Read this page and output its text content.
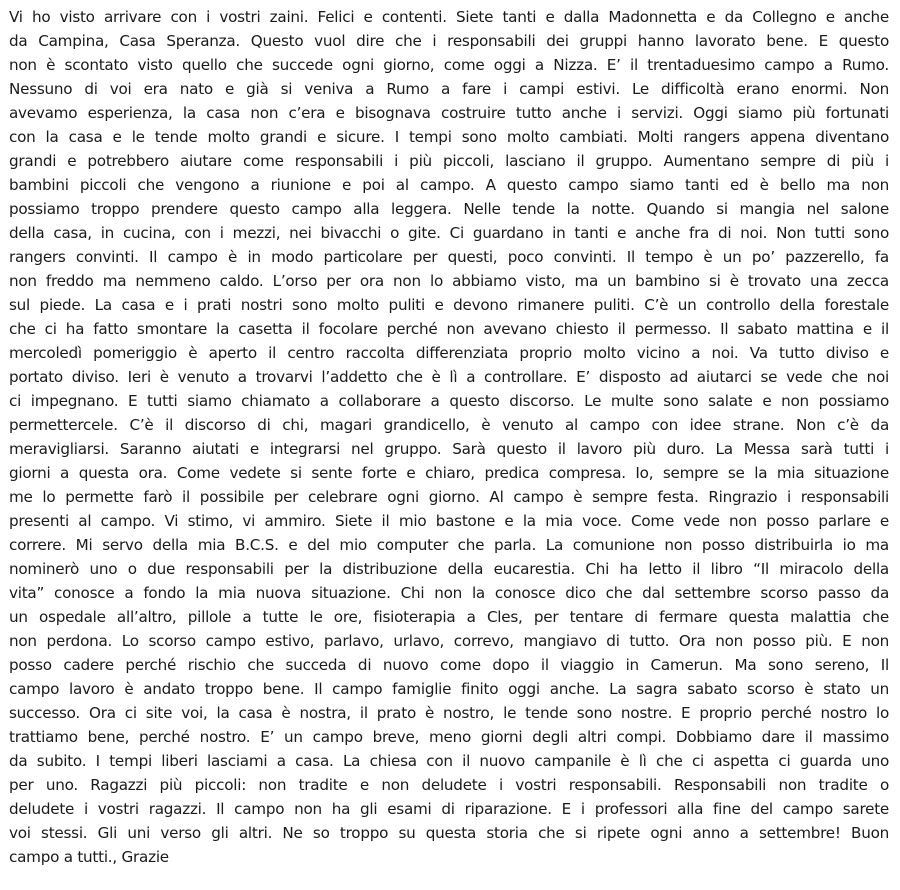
Vi ho visto arrivare con i vostri zaini. Felici e contenti. Siete tanti e dalla Madonnetta e da Collegno e anche
da Campina, Casa Speranza. Questo vuol dire che i responsabili dei gruppi hanno lavorato bene. E questo
non è scontato visto quello che succede ogni giorno, come oggi a Nizza. E’ il trentaduesimo campo a Rumo.
Nessuno di voi era nato e già si veniva a Rumo a fare i campi estivi. Le difficoltà erano enormi. Non
avevamo esperienza, la casa non c’era e bisognava costruire tutto anche i servizi. Oggi siamo più fortunati
con la casa e le tende molto grandi e sicure. I tempi sono molto cambiati. Molti rangers appena diventano
grandi e potrebbero aiutare come responsabili i più piccoli, lasciano il gruppo. Aumentano sempre di più i
bambini piccoli che vengono a riunione e poi al campo. A questo campo siamo tanti ed è bello ma non
possiamo troppo prendere questo campo alla leggera. Nelle tende la notte. Quando si mangia nel salone
della casa, in cucina, con i mezzi, nei bivacchi o gite. Ci guardano in tanti e anche fra di noi. Non tutti sono
rangers convinti. Il campo è in modo particolare per questi, poco convinti. Il tempo è un po’ pazzerello, fa
non freddo ma nemmeno caldo. L’orso per ora non lo abbiamo visto, ma un bambino si è trovato una zecca
sul piede. La casa e i prati nostri sono molto puliti e devono rimanere puliti. C’è un controllo della forestale
che ci ha fatto smontare la casetta il focolare perché non avevano chiesto il permesso. Il sabato mattina e il
mercoledì pomeriggio è aperto il centro raccolta differenziata proprio molto vicino a noi. Va tutto diviso e
portato diviso. Ieri è venuto a trovarvi l’addetto che è lì a controllare. E’ disposto ad aiutarci se vede che noi
ci impegnano. E tutti siamo chiamato a collaborare a questo discorso. Le multe sono salate e non possiamo
permettercele. C’è il discorso di chi, magari grandicello, è venuto al campo con idee strane. Non c’è da
meravigliarsi. Saranno aiutati e integrarsi nel gruppo. Sarà questo il lavoro più duro. La Messa sarà tutti i
giorni a questa ora. Come vedete si sente forte e chiaro, predica compresa. Io, sempre se la mia situazione
me lo permette farò il possibile per celebrare ogni giorno. Al campo è sempre festa. Ringrazio i responsabili
presenti al campo. Vi stimo, vi ammiro. Siete il mio bastone e la mia voce. Come vede non posso parlare e
correre. Mi servo della mia B.C.S. e del mio computer che parla. La comunione non posso distribuirla io ma
nominerò uno o due responsabili per la distribuzione della eucarestia. Chi ha letto il libro “Il miracolo della
vita” conosce a fondo la mia nuova situazione. Chi non la conosce dico che dal settembre scorso passo da
un ospedale all’altro, pillole a tutte le ore, fisioterapia a Cles, per tentare di fermare questa malattia che
non perdona. Lo scorso campo estivo, parlavo, urlavo, correvo, mangiavo di tutto. Ora non posso più. E non
posso cadere perché rischio che succeda di nuovo come dopo il viaggio in Camerun. Ma sono sereno, Il
campo lavoro è andato troppo bene. Il campo famiglie finito oggi anche. La sagra sabato scorso è stato un
successo. Ora ci site voi, la casa è nostra, il prato è nostro, le tende sono nostre. E proprio perché nostro lo
trattiamo bene, perché nostro. E’ un campo breve, meno giorni degli altri compi. Dobbiamo dare il massimo
da subito. I tempi liberi lasciami a casa. La chiesa con il nuovo campanile è lì che ci aspetta ci guarda uno
per uno. Ragazzi più piccoli: non tradite e non deludete i vostri responsabili. Responsabili non tradite o
deludete i vostri ragazzi. Il campo non ha gli esami di riparazione. E i professori alla fine del campo sarete
voi stessi. Gli uni verso gli altri. Ne so troppo su questa storia che si ripete ogni anno a settembre! Buon
campo a tutti., Grazie
